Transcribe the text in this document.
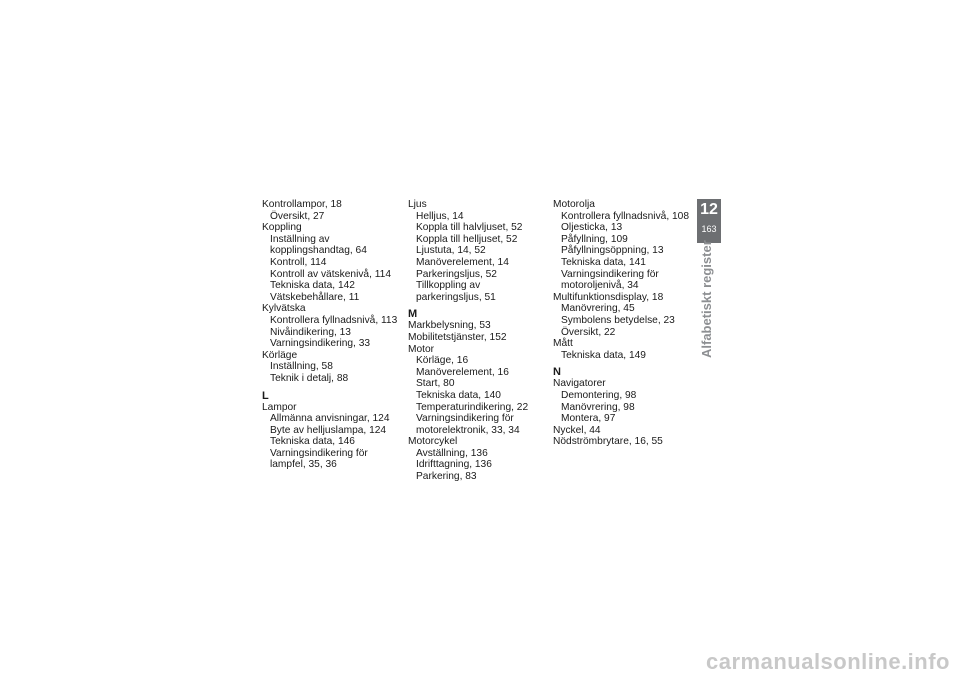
Kontrollampor, 18
Översikt, 27
Koppling
Inställning av
kopplingshandtag, 64
Kontroll, 114
Kontroll av vätskenivå, 114
Tekniska data, 142
Vätskebehållare, 11
Kylvätska
Kontrollera fyllnadsnivå, 113
Nivåindikering, 13
Varningsindikering, 33
Körläge
Inställning, 58
Teknik i detalj, 88
L
Lampor
Allmänna anvisningar, 124
Byte av helljuslampa, 124
Tekniska data, 146
Varningsindikering för
lampfel, 35, 36
Ljus
Helljus, 14
Koppla till halvljuset, 52
Koppla till helljuset, 52
Ljustuta, 14, 52
Manöverelement, 14
Parkeringsljus, 52
Tillkoppling av
parkeringsljus, 51
M
Markbelysning, 53
Mobilitetstjänster, 152
Motor
Körläge, 16
Manöverelement, 16
Start, 80
Tekniska data, 140
Temperaturindikering, 22
Varningsindikering för
motorelektronik, 33, 34
Motorcykel
Avställning, 136
Idrifttagning, 136
Parkering, 83
Motorolja
Kontrollera fyllnadsnivå, 108
Oljesticka, 13
Påfyllning, 109
Påfyllningsöppning, 13
Tekniska data, 141
Varningsindikering för
motoroljenivå, 34
Multifunktionsdisplay, 18
Manövrering, 45
Symbolens betydelse, 23
Översikt, 22
Mått
Tekniska data, 149
N
Navigatorer
Demontering, 98
Manövrering, 98
Montera, 97
Nyckel, 44
Nödströmbrytare, 16, 55
12
163
Alfabetiskt register
carmanualsonline.info
